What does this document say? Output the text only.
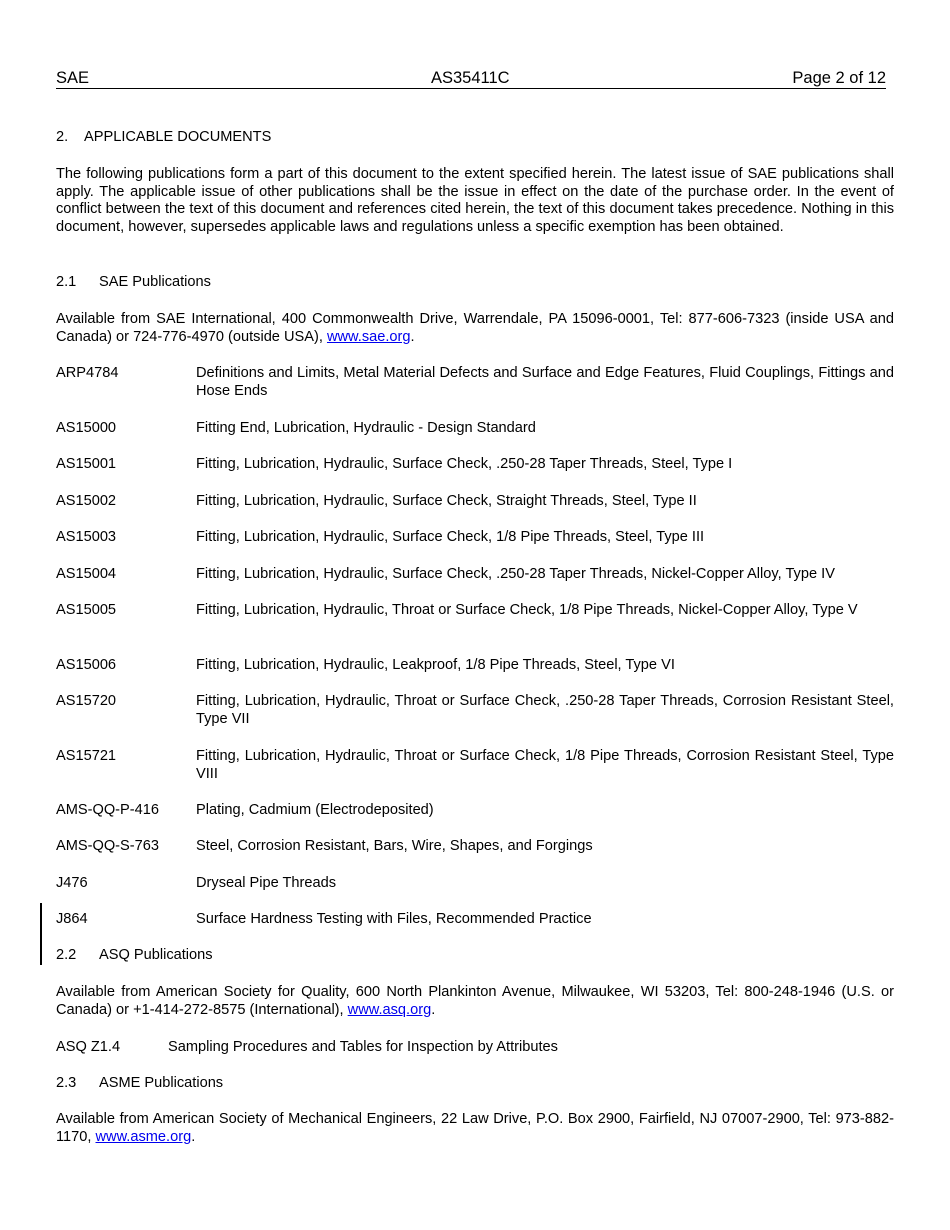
SAE	AS35411C	Page 2 of 12
2. APPLICABLE DOCUMENTS
The following publications form a part of this document to the extent specified herein. The latest issue of SAE publications shall apply. The applicable issue of other publications shall be the issue in effect on the date of the purchase order. In the event of conflict between the text of this document and references cited herein, the text of this document takes precedence. Nothing in this document, however, supersedes applicable laws and regulations unless a specific exemption has been obtained.
2.1 SAE Publications
Available from SAE International, 400 Commonwealth Drive, Warrendale, PA 15096-0001, Tel: 877-606-7323 (inside USA and Canada) or 724-776-4970 (outside USA), www.sae.org.
ARP4784	Definitions and Limits, Metal Material Defects and Surface and Edge Features, Fluid Couplings, Fittings and Hose Ends
AS15000	Fitting End, Lubrication, Hydraulic - Design Standard
AS15001	Fitting, Lubrication, Hydraulic, Surface Check, .250-28 Taper Threads, Steel, Type I
AS15002	Fitting, Lubrication, Hydraulic, Surface Check, Straight Threads, Steel, Type II
AS15003	Fitting, Lubrication, Hydraulic, Surface Check, 1/8 Pipe Threads, Steel, Type III
AS15004	Fitting, Lubrication, Hydraulic, Surface Check, .250-28 Taper Threads, Nickel-Copper Alloy, Type IV
AS15005	Fitting, Lubrication, Hydraulic, Throat or Surface Check, 1/8 Pipe Threads, Nickel-Copper Alloy, Type V
AS15006	Fitting, Lubrication, Hydraulic, Leakproof, 1/8 Pipe Threads, Steel, Type VI
AS15720	Fitting, Lubrication, Hydraulic, Throat or Surface Check, .250-28 Taper Threads, Corrosion Resistant Steel, Type VII
AS15721	Fitting, Lubrication, Hydraulic, Throat or Surface Check, 1/8 Pipe Threads, Corrosion Resistant Steel, Type VIII
AMS-QQ-P-416	Plating, Cadmium (Electrodeposited)
AMS-QQ-S-763	Steel, Corrosion Resistant, Bars, Wire, Shapes, and Forgings
J476	Dryseal Pipe Threads
J864	Surface Hardness Testing with Files, Recommended Practice
2.2 ASQ Publications
Available from American Society for Quality, 600 North Plankinton Avenue, Milwaukee, WI 53203, Tel: 800-248-1946 (U.S. or Canada) or +1-414-272-8575 (International), www.asq.org.
ASQ Z1.4	Sampling Procedures and Tables for Inspection by Attributes
2.3 ASME Publications
Available from American Society of Mechanical Engineers, 22 Law Drive, P.O. Box 2900, Fairfield, NJ 07007-2900, Tel: 973-882-1170, www.asme.org.
